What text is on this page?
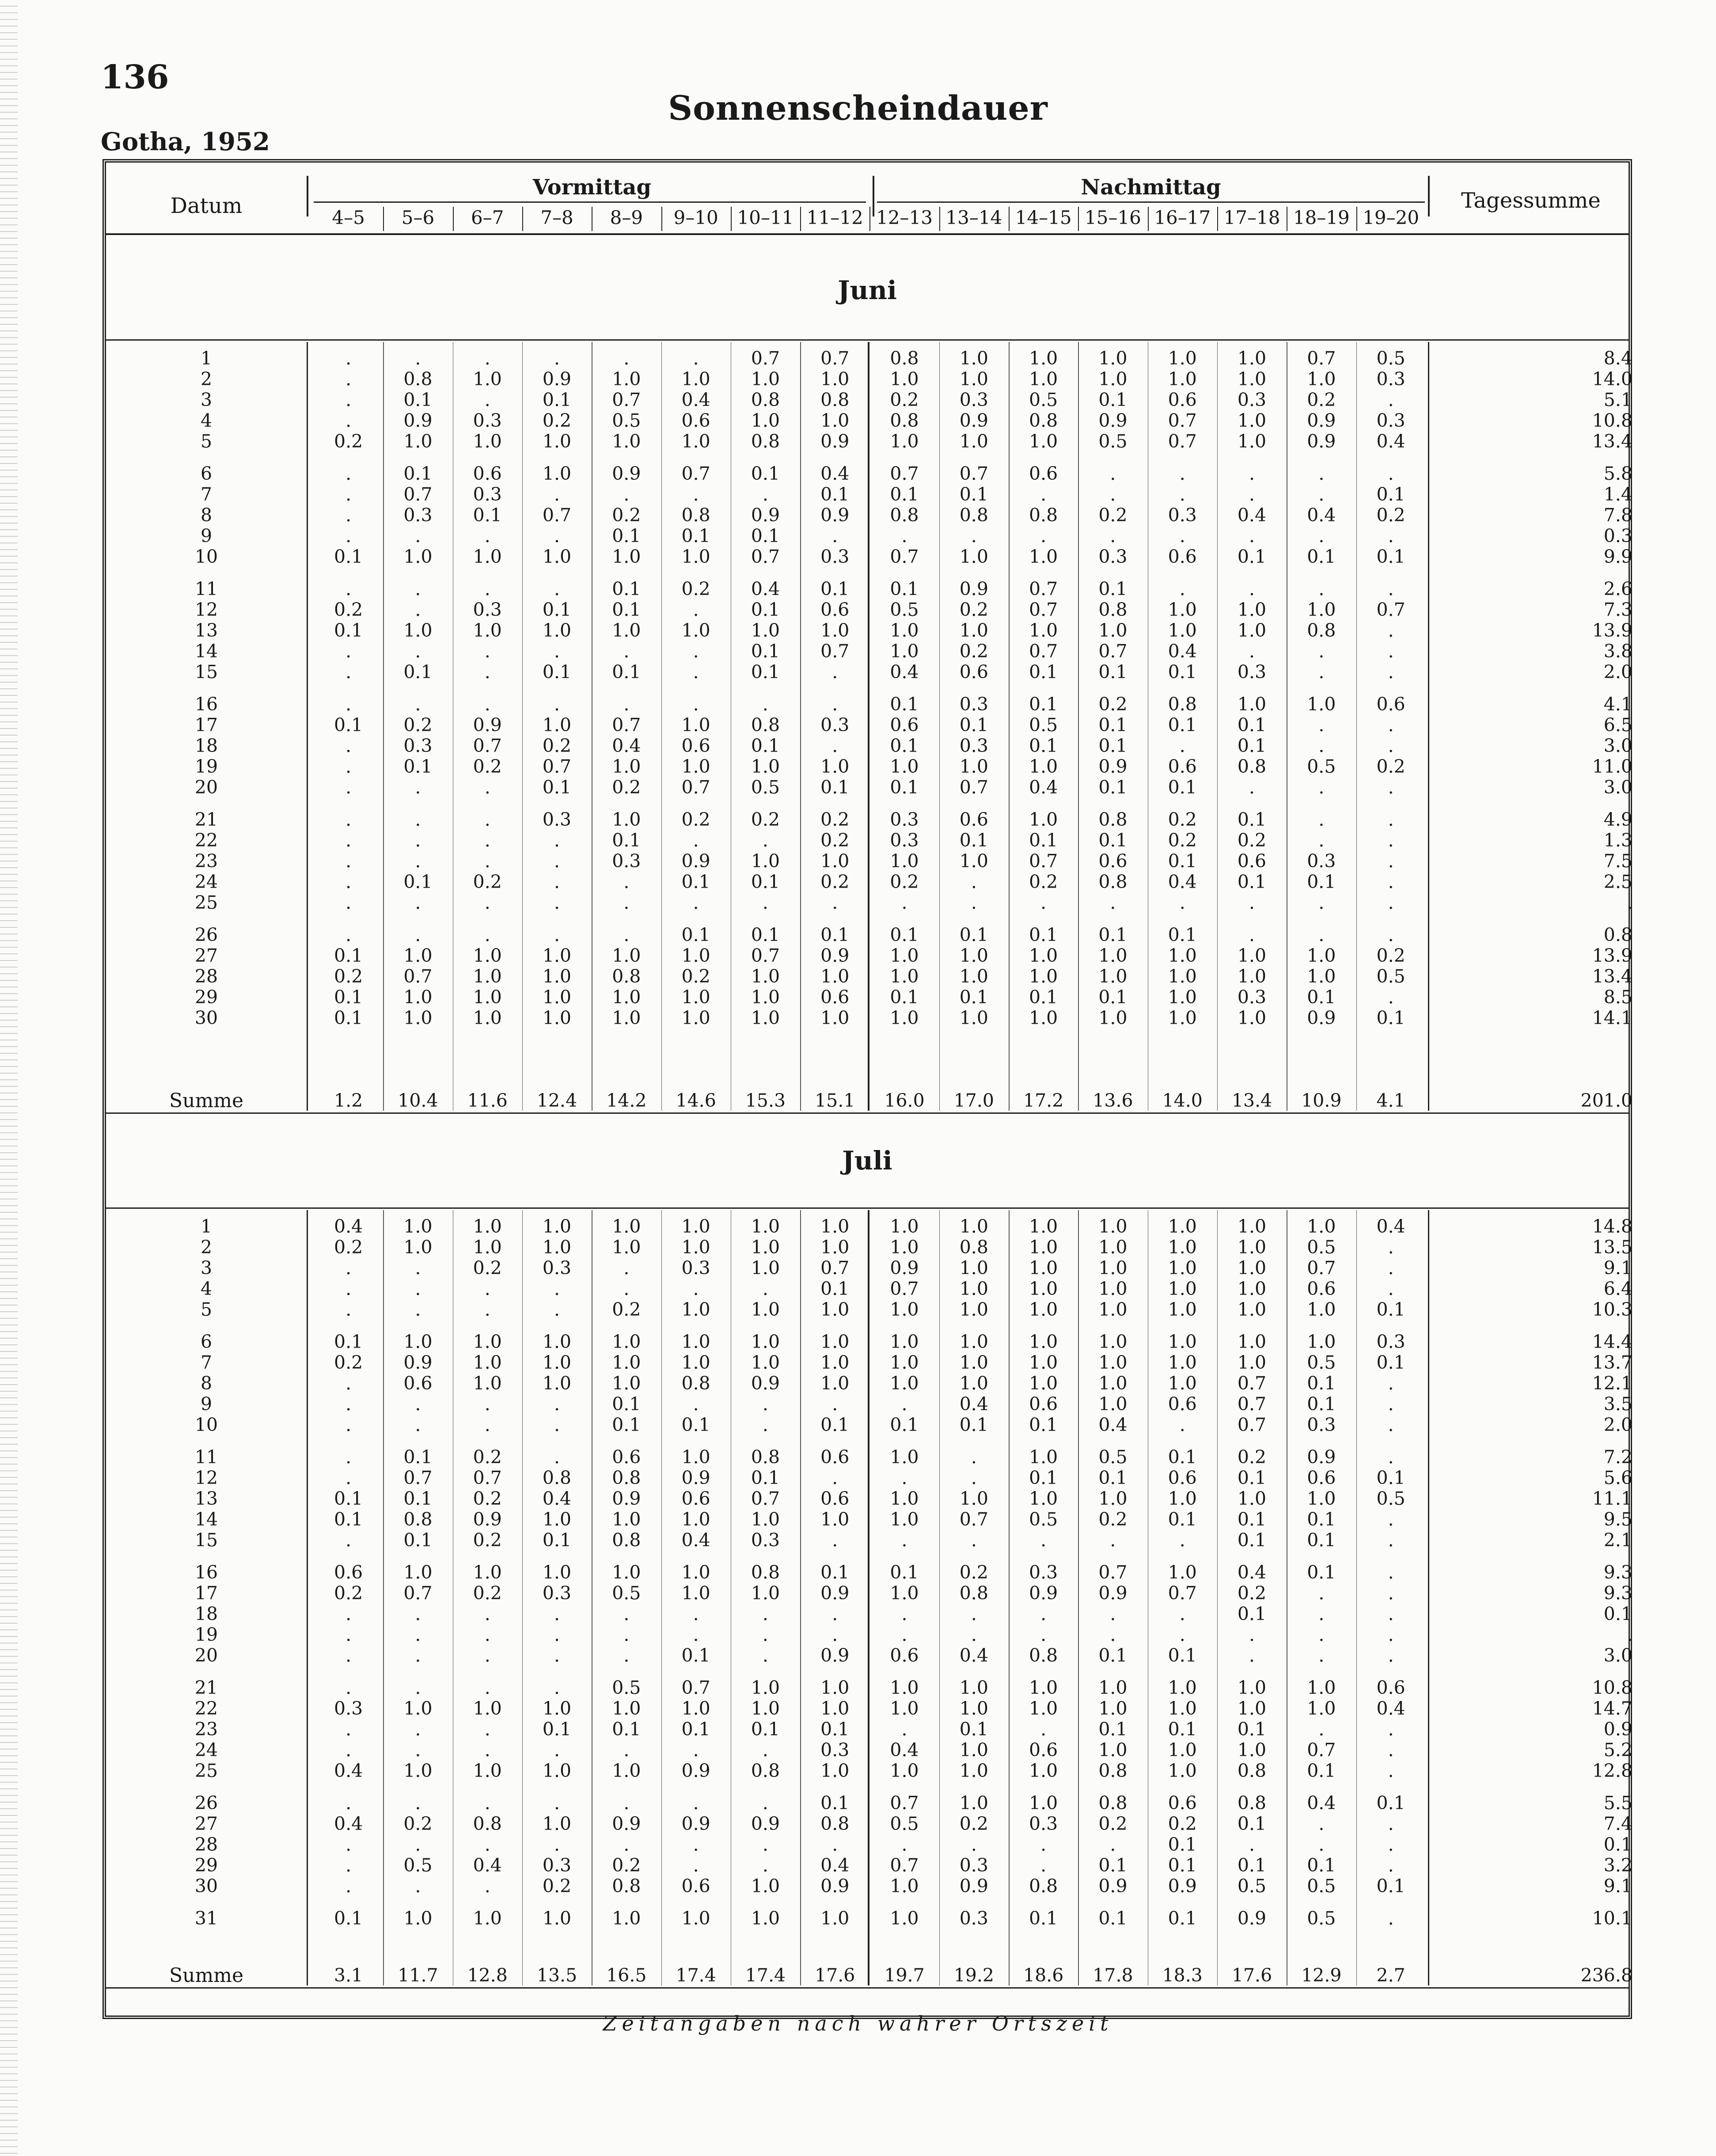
136
Sonnenscheindauer
Gotha, 1952
Datum
Vormittag	Nachmittag
Tagessumme
4–5	5–6	6–7	7–8	8–9	9–10	10–11 11–12 12–13 13–14 14–15 15–16 16–17 17–18 18–19 19–20
Juni
1	.	.	.	.	.	.	0.7	0.7	0.8	1.0	1.0	1.0	1.0	1.0	0.7	0.5	8.4
2	.	0.8	1.0	0.9	1.0	1.0	1.0	1.0	1.0	1.0	1.0	1.0	1.0	1.0	1.0	0.3	14.0
3	.	0.1	.	0.1	0.7	0.4	0.8	0.8	0.2	0.3	0.5	0.1	0.6	0.3	0.2	.	5.1
4	.	0.9	0.3	0.2	0.5	0.6	1.0	1.0	0.8	0.9	0.8	0.9	0.7	1.0	0.9	0.3	10.8
5	0.2	1.0	1.0	1.0	1.0	1.0	0.8	0.9	1.0	1.0	1.0	0.5	0.7	1.0	0.9	0.4	13.4
6	.	0.1	0.6	1.0	0.9	0.7	0.1	0.4	0.7	0.7	0.6	.	.	.	.	.	5.8
7	.	0.7	0.3	.	.	.	.	0.1	0.1	0.1	.	.	.	.	.	0.1	1.4
8	.	0.3	0.1	0.7	0.2	0.8	0.9	0.9	0.8	0.8	0.8	0.2	0.3	0.4	0.4	0.2	7.8
9	.	.	.	.	0.1	0.1	0.1	.	.	.	.	.	.	.	.	.	0.3
10	0.1	1.0	1.0	1.0	1.0	1.0	0.7	0.3	0.7	1.0	1.0	0.3	0.6	0.1	0.1	0.1	9.9
11	.	.	.	.	0.1	0.2	0.4	0.1	0.1	0.9	0.7	0.1	.	.	.	.	2.6
12	0.2	.	0.3	0.1	0.1	.	0.1	0.6	0.5	0.2	0.7	0.8	1.0	1.0	1.0	0.7	7.3
13	0.1	1.0	1.0	1.0	1.0	1.0	1.0	1.0	1.0	1.0	1.0	1.0	1.0	1.0	0.8	.	13.9
14	.	.	.	.	.	.	0.1	0.7	1.0	0.2	0.7	0.7	0.4	.	.	.	3.8
15	.	0.1	.	0.1	0.1	.	0.1	.	0.4	0.6	0.1	0.1	0.1	0.3	.	.	2.0
16	.	.	.	.	.	.	.	.	0.1	0.3	0.1	0.2	0.8	1.0	1.0	0.6	4.1
17	0.1	0.2	0.9	1.0	0.7	1.0	0.8	0.3	0.6	0.1	0.5	0.1	0.1	0.1	.	.	6.5
18	.	0.3	0.7	0.2	0.4	0.6	0.1	.	0.1	0.3	0.1	0.1	.	0.1	.	.	3.0
19	.	0.1	0.2	0.7	1.0	1.0	1.0	1.0	1.0	1.0	1.0	0.9	0.6	0.8	0.5	0.2	11.0
20	.	.	.	0.1	0.2	0.7	0.5	0.1	0.1	0.7	0.4	0.1	0.1	.	.	.	3.0
21	.	.	.	0.3	1.0	0.2	0.2	0.2	0.3	0.6	1.0	0.8	0.2	0.1	.	.	4.9
22	.	.	.	.	0.1	.	.	0.2	0.3	0.1	0.1	0.1	0.2	0.2	.	.	1.3
23	.	.	.	.	0.3	0.9	1.0	1.0	1.0	1.0	0.7	0.6	0.1	0.6	0.3	.	7.5
24	.	0.1	0.2	.	.	0.1	0.1	0.2	0.2	.	0.2	0.8	0.4	0.1	0.1	.	2.5
25	.	.	.	.	.	.	.	.	.	.	.	.	.	.	.	.	.
26	.	.	.	.	.	0.1	0.1	0.1	0.1	0.1	0.1	0.1	0.1	.	.	.	0.8
27	0.1	1.0	1.0	1.0	1.0	1.0	0.7	0.9	1.0	1.0	1.0	1.0	1.0	1.0	1.0	0.2	13.9
28	0.2	0.7	1.0	1.0	0.8	0.2	1.0	1.0	1.0	1.0	1.0	1.0	1.0	1.0	1.0	0.5	13.4
29	0.1	1.0	1.0	1.0	1.0	1.0	1.0	0.6	0.1	0.1	0.1	0.1	1.0	0.3	0.1	.	8.5
30	0.1	1.0	1.0	1.0	1.0	1.0	1.0	1.0	1.0	1.0	1.0	1.0	1.0	1.0	0.9	0.1	14.1
Summe	1.2	10.4	11.6	12.4	14.2	14.6	15.3	15.1	16.0	17.0	17.2	13.6	14.0	13.4	10.9	4.1	201.0
Juli
1	0.4	1.0	1.0	1.0	1.0	1.0	1.0	1.0	1.0	1.0	1.0	1.0	1.0	1.0	1.0	0.4	14.8
2	0.2	1.0	1.0	1.0	1.0	1.0	1.0	1.0	1.0	0.8	1.0	1.0	1.0	1.0	0.5	.	13.5
3	.	.	0.2	0.3	.	0.3	1.0	0.7	0.9	1.0	1.0	1.0	1.0	1.0	0.7	.	9.1
4	.	.	.	.	.	.	.	0.1	0.7	1.0	1.0	1.0	1.0	1.0	0.6	.	6.4
5	.	.	.	.	0.2	1.0	1.0	1.0	1.0	1.0	1.0	1.0	1.0	1.0	1.0	0.1	10.3
6	0.1	1.0	1.0	1.0	1.0	1.0	1.0	1.0	1.0	1.0	1.0	1.0	1.0	1.0	1.0	0.3	14.4
7	0.2	0.9	1.0	1.0	1.0	1.0	1.0	1.0	1.0	1.0	1.0	1.0	1.0	1.0	0.5	0.1	13.7
8	.	0.6	1.0	1.0	1.0	0.8	0.9	1.0	1.0	1.0	1.0	1.0	1.0	0.7	0.1	.	12.1
9	.	.	.	.	0.1	.	.	.	.	0.4	0.6	1.0	0.6	0.7	0.1	.	3.5
10	.	.	.	.	0.1	0.1	.	0.1	0.1	0.1	0.1	0.4	.	0.7	0.3	.	2.0
11	.	0.1	0.2	.	0.6	1.0	0.8	0.6	1.0	.	1.0	0.5	0.1	0.2	0.9	.	7.2
12	.	0.7	0.7	0.8	0.8	0.9	0.1	.	.	.	0.1	0.1	0.6	0.1	0.6	0.1	5.6
13	0.1	0.1	0.2	0.4	0.9	0.6	0.7	0.6	1.0	1.0	1.0	1.0	1.0	1.0	1.0	0.5	11.1
14	0.1	0.8	0.9	1.0	1.0	1.0	1.0	1.0	1.0	0.7	0.5	0.2	0.1	0.1	0.1	.	9.5
15	.	0.1	0.2	0.1	0.8	0.4	0.3	.	.	.	.	.	.	0.1	0.1	.	2.1
16	0.6	1.0	1.0	1.0	1.0	1.0	0.8	0.1	0.1	0.2	0.3	0.7	1.0	0.4	0.1	.	9.3
17	0.2	0.7	0.2	0.3	0.5	1.0	1.0	0.9	1.0	0.8	0.9	0.9	0.7	0.2	.	.	9.3
18	.	.	.	.	.	.	.	.	.	.	.	.	.	0.1	.	.	0.1
19	.	.	.	.	.	.	.	.	.	.	.	.	.	.	.	.	.
20	.	.	.	.	.	0.1	.	0.9	0.6	0.4	0.8	0.1	0.1	.	.	.	3.0
21	.	.	.	.	0.5	0.7	1.0	1.0	1.0	1.0	1.0	1.0	1.0	1.0	1.0	0.6	10.8
22	0.3	1.0	1.0	1.0	1.0	1.0	1.0	1.0	1.0	1.0	1.0	1.0	1.0	1.0	1.0	0.4	14.7
23	.	.	.	0.1	0.1	0.1	0.1	0.1	.	0.1	.	0.1	0.1	0.1	.	.	0.9
24	.	.	.	.	.	.	.	0.3	0.4	1.0	0.6	1.0	1.0	1.0	0.7	.	5.2
25	0.4	1.0	1.0	1.0	1.0	0.9	0.8	1.0	1.0	1.0	1.0	0.8	1.0	0.8	0.1	.	12.8
26	.	.	.	.	.	.	.	0.1	0.7	1.0	1.0	0.8	0.6	0.8	0.4	0.1	5.5
27	0.4	0.2	0.8	1.0	0.9	0.9	0.9	0.8	0.5	0.2	0.3	0.2	0.2	0.1	.	.	7.4
28	.	.	.	.	.	.	.	.	.	.	.	.	0.1	.	.	.	0.1
29	.	0.5	0.4	0.3	0.2	.	.	0.4	0.7	0.3	.	0.1	0.1	0.1	0.1	.	3.2
30	.	.	.	0.2	0.8	0.6	1.0	0.9	1.0	0.9	0.8	0.9	0.9	0.5	0.5	0.1	9.1
31	0.1	1.0	1.0	1.0	1.0	1.0	1.0	1.0	1.0	0.3	0.1	0.1	0.1	0.9	0.5	.	10.1
Summe	3.1	11.7	12.8	13.5	16.5	17.4	17.4	17.6	19.7	19.2	18.6	17.8	18.3	17.6	12.9	2.7	236.8
Zeitangaben nach wahrer Ortszeit
